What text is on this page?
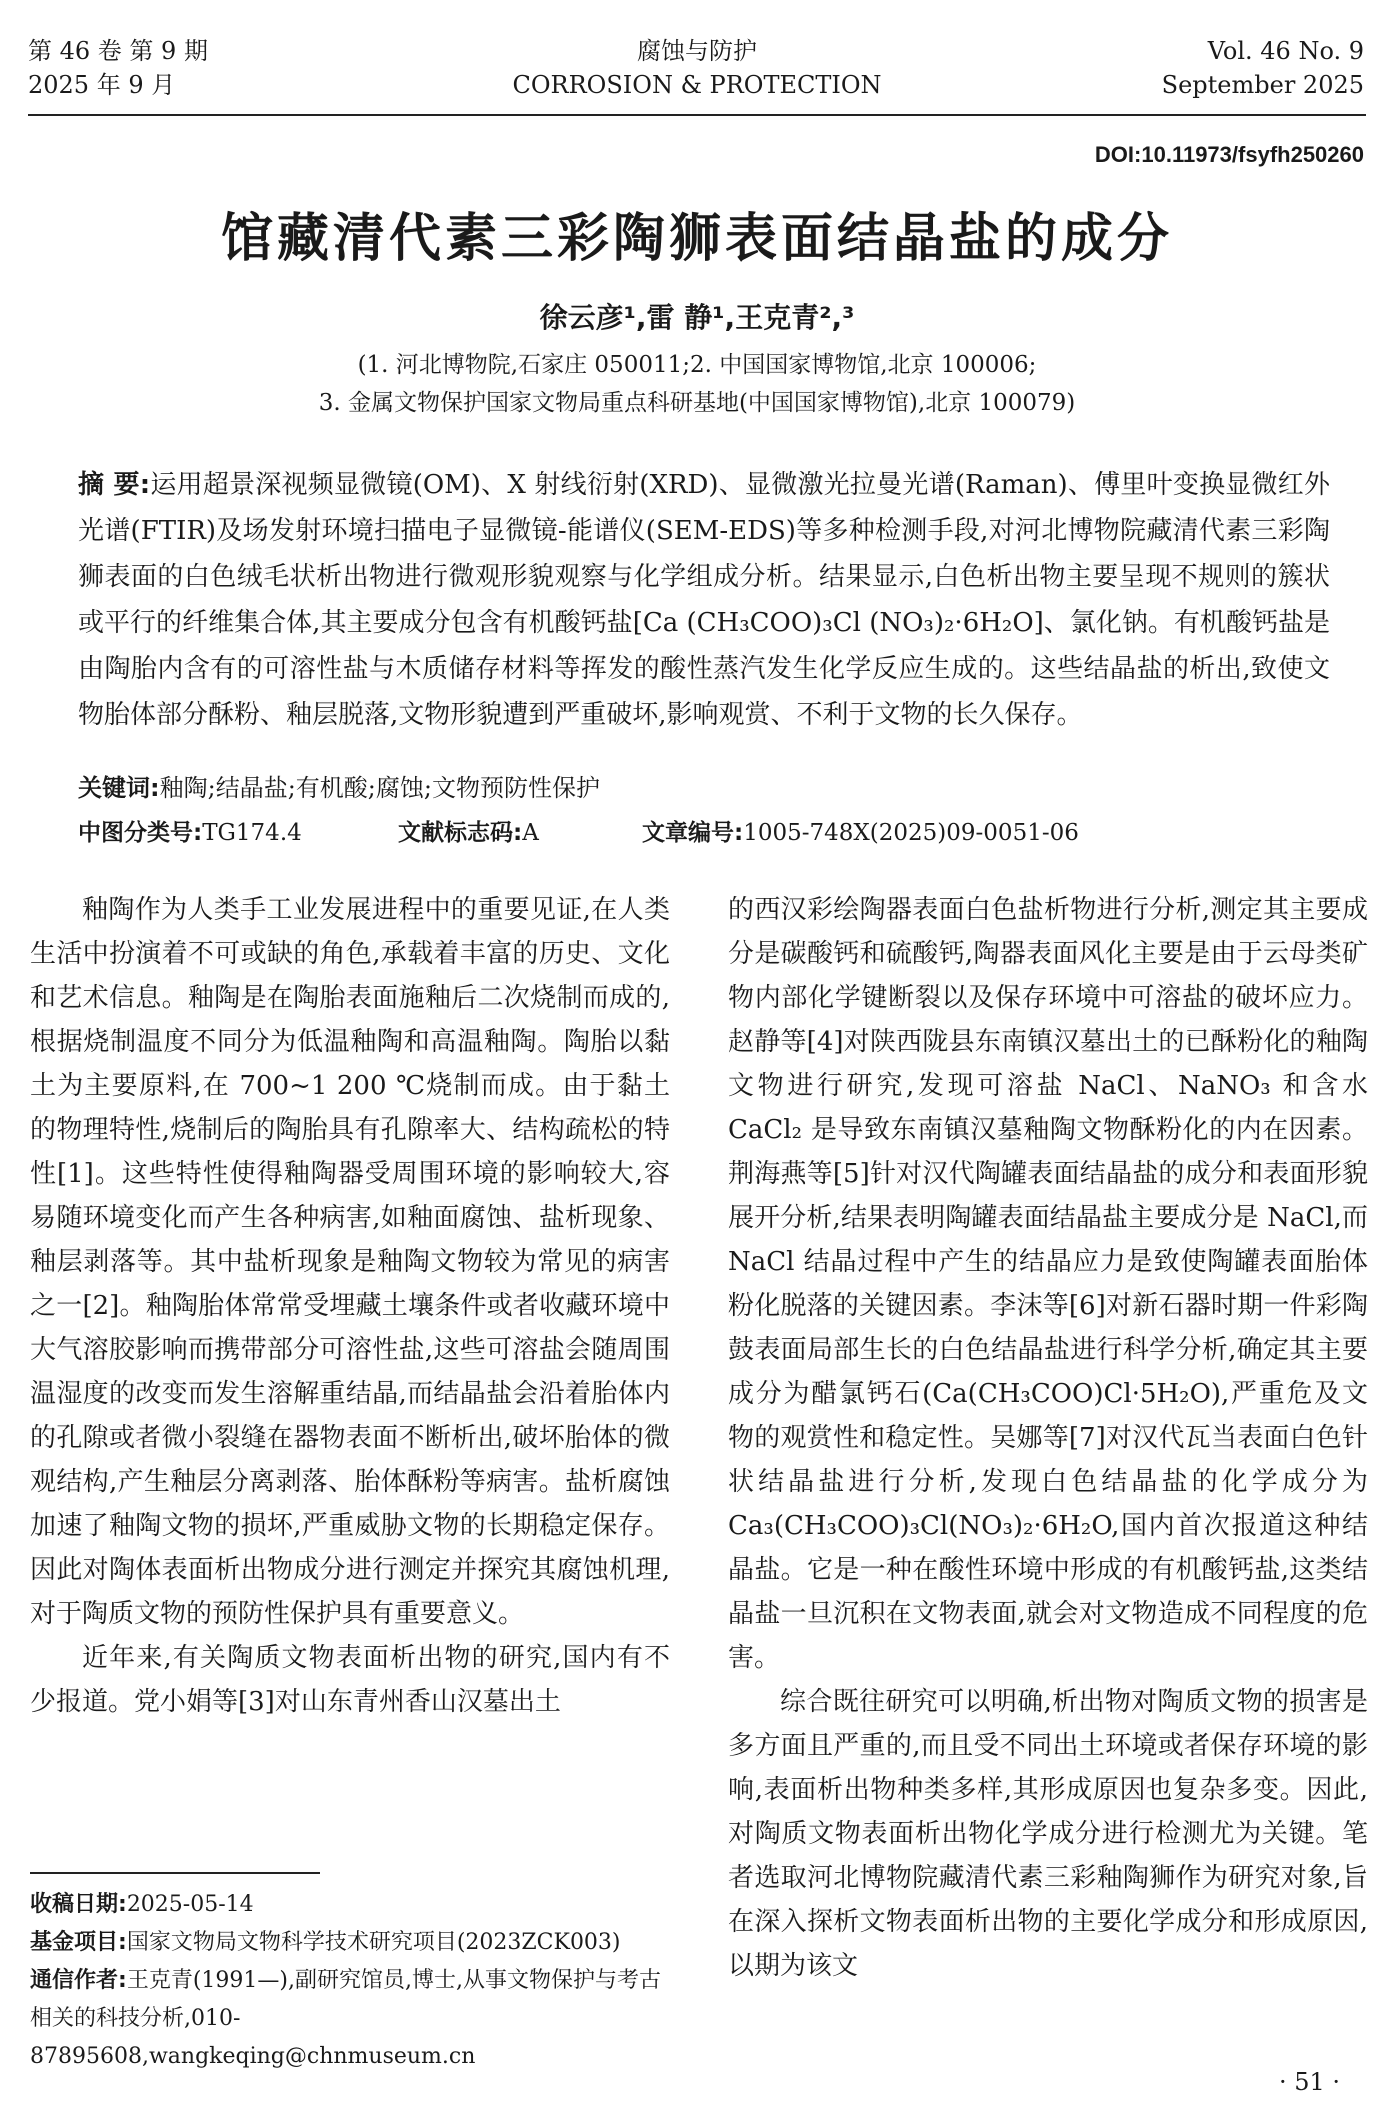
第 46 卷 第 9 期
2025 年 9 月
腐蚀与防护
CORROSION & PROTECTION
Vol. 46 No. 9
September 2025
DOI:10.11973/fsyfh250260
馆藏清代素三彩陶狮表面结晶盐的成分
徐云彦¹,雷 静¹,王克青²,³
(1. 河北博物院,石家庄 050011;2. 中国国家博物馆,北京 100006;
3. 金属文物保护国家文物局重点科研基地(中国国家博物馆),北京 100079)
摘 要:运用超景深视频显微镜(OM)、X 射线衍射(XRD)、显微激光拉曼光谱(Raman)、傅里叶变换显微红外光谱(FTIR)及场发射环境扫描电子显微镜-能谱仪(SEM-EDS)等多种检测手段,对河北博物院藏清代素三彩陶狮表面的白色绒毛状析出物进行微观形貌观察与化学组成分析。结果显示,白色析出物主要呈现不规则的簇状或平行的纤维集合体,其主要成分包含有机酸钙盐[Ca (CH₃COO)₃Cl (NO₃)₂·6H₂O]、氯化钠。有机酸钙盐是由陶胎内含有的可溶性盐与木质储存材料等挥发的酸性蒸汽发生化学反应生成的。这些结晶盐的析出,致使文物胎体部分酥粉、釉层脱落,文物形貌遭到严重破坏,影响观赏、不利于文物的长久保存。
关键词:釉陶;结晶盐;有机酸;腐蚀;文物预防性保护
中图分类号:TG174.4	文献标志码:A	文章编号:1005-748X(2025)09-0051-06

釉陶作为人类手工业发展进程中的重要见证,在人类生活中扮演着不可或缺的角色,承载着丰富的历史、文化和艺术信息。釉陶是在陶胎表面施釉后二次烧制而成的,根据烧制温度不同分为低温釉陶和高温釉陶。陶胎以黏土为主要原料,在 700~1 200 ℃烧制而成。由于黏土的物理特性,烧制后的陶胎具有孔隙率大、结构疏松的特性[1]。这些特性使得釉陶器受周围环境的影响较大,容易随环境变化而产生各种病害,如釉面腐蚀、盐析现象、釉层剥落等。其中盐析现象是釉陶文物较为常见的病害之一[2]。釉陶胎体常常受埋藏土壤条件或者收藏环境中大气溶胶影响而携带部分可溶性盐,这些可溶盐会随周围温湿度的改变而发生溶解重结晶,而结晶盐会沿着胎体内的孔隙或者微小裂缝在器物表面不断析出,破坏胎体的微观结构,产生釉层分离剥落、胎体酥粉等病害。盐析腐蚀加速了釉陶文物的损坏,严重威胁文物的长期稳定保存。因此对陶体表面析出物成分进行测定并探究其腐蚀机理,对于陶质文物的预防性保护具有重要意义。

近年来,有关陶质文物表面析出物的研究,国内有不少报道。党小娟等[3]对山东青州香山汉墓出土

的西汉彩绘陶器表面白色盐析物进行分析,测定其主要成分是碳酸钙和硫酸钙,陶器表面风化主要是由于云母类矿物内部化学键断裂以及保存环境中可溶盐的破坏应力。赵静等[4]对陕西陇县东南镇汉墓出土的已酥粉化的釉陶文物进行研究,发现可溶盐 NaCl、NaNO₃ 和含水 CaCl₂ 是导致东南镇汉墓釉陶文物酥粉化的内在因素。荆海燕等[5]针对汉代陶罐表面结晶盐的成分和表面形貌展开分析,结果表明陶罐表面结晶盐主要成分是 NaCl,而 NaCl 结晶过程中产生的结晶应力是致使陶罐表面胎体粉化脱落的关键因素。李沫等[6]对新石器时期一件彩陶鼓表面局部生长的白色结晶盐进行科学分析,确定其主要成分为醋氯钙石(Ca(CH₃COO)Cl·5H₂O),严重危及文物的观赏性和稳定性。吴娜等[7]对汉代瓦当表面白色针状结晶盐进行分析,发现白色结晶盐的化学成分为 Ca₃(CH₃COO)₃Cl(NO₃)₂·6H₂O,国内首次报道这种结晶盐。它是一种在酸性环境中形成的有机酸钙盐,这类结晶盐一旦沉积在文物表面,就会对文物造成不同程度的危害。

综合既往研究可以明确,析出物对陶质文物的损害是多方面且严重的,而且受不同出土环境或者保存环境的影响,表面析出物种类多样,其形成原因也复杂多变。因此,对陶质文物表面析出物化学成分进行检测尤为关键。笔者选取河北博物院藏清代素三彩釉陶狮作为研究对象,旨在深入探析文物表面析出物的主要化学成分和形成原因,以期为该文

收稿日期:2025-05-14
基金项目:国家文物局文物科学技术研究项目(2023ZCK003)
通信作者:王克青(1991—),副研究馆员,博士,从事文物保护与考古相关的科技分析,010-87895608,wangkeqing@chnmuseum.cn
· 51 ·
